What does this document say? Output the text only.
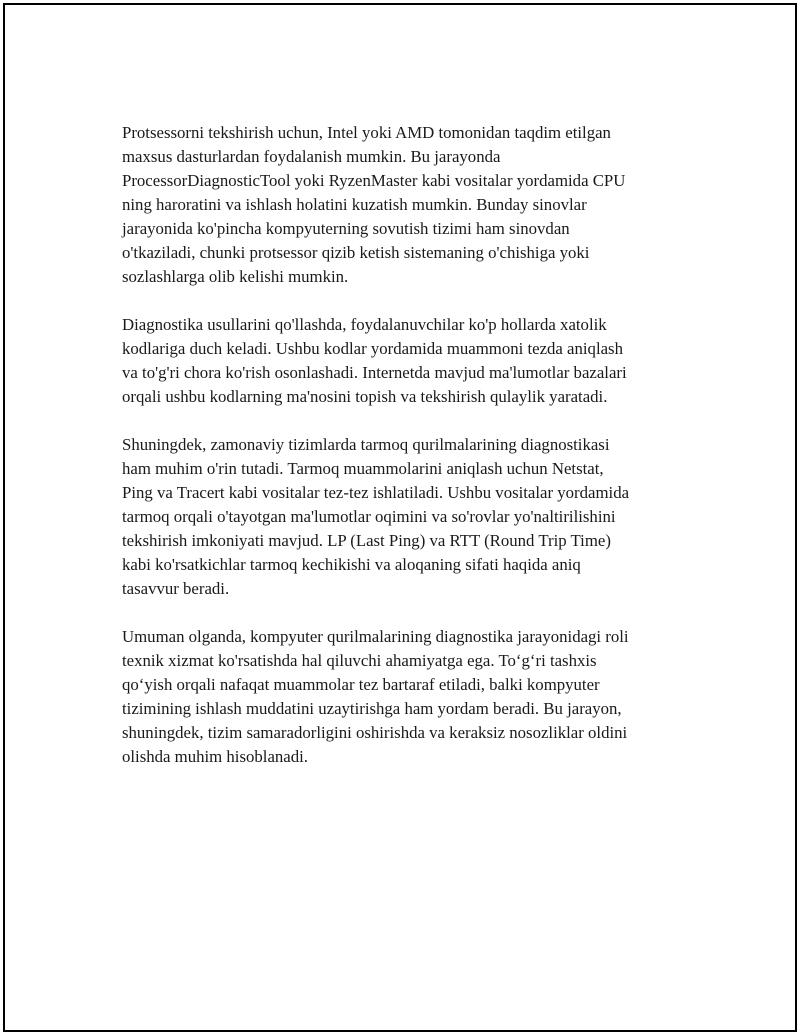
Protsessorni tekshirish uchun, Intel yoki AMD tomonidan taqdim etilgan
maxsus dasturlardan foydalanish mumkin. Bu jarayonda
ProcessorDiagnosticTool yoki RyzenMaster kabi vositalar yordamida CPU
ning haroratini va ishlash holatini kuzatish mumkin. Bunday sinovlar
jarayonida ko'pincha kompyuterning sovutish tizimi ham sinovdan
o'tkaziladi, chunki protsessor qizib ketish sistemaning o'chishiga yoki
sozlashlarga olib kelishi mumkin.

Diagnostika usullarini qo'llashda, foydalanuvchilar ko'p hollarda xatolik
kodlariga duch keladi. Ushbu kodlar yordamida muammoni tezda aniqlash
va to'g'ri chora ko'rish osonlashadi. Internetda mavjud ma'lumotlar bazalari
orqali ushbu kodlarning ma'nosini topish va tekshirish qulaylik yaratadi.

Shuningdek, zamonaviy tizimlarda tarmoq qurilmalarining diagnostikasi
ham muhim o'rin tutadi. Tarmoq muammolarini aniqlash uchun Netstat,
Ping va Tracert kabi vositalar tez-tez ishlatiladi. Ushbu vositalar yordamida
tarmoq orqali o'tayotgan ma'lumotlar oqimini va so'rovlar yo'naltirilishini
tekshirish imkoniyati mavjud. LP (Last Ping) va RTT (Round Trip Time)
kabi ko'rsatkichlar tarmoq kechikishi va aloqaning sifati haqida aniq
tasavvur beradi.

Umuman olganda, kompyuter qurilmalarining diagnostika jarayonidagi roli
texnik xizmat ko'rsatishda hal qiluvchi ahamiyatga ega. To‘g‘ri tashxis
qo‘yish orqali nafaqat muammolar tez bartaraf etiladi, balki kompyuter
tizimining ishlash muddatini uzaytirishga ham yordam beradi. Bu jarayon,
shuningdek, tizim samaradorligini oshirishda va keraksiz nosozliklar oldini
olishda muhim hisoblanadi.
